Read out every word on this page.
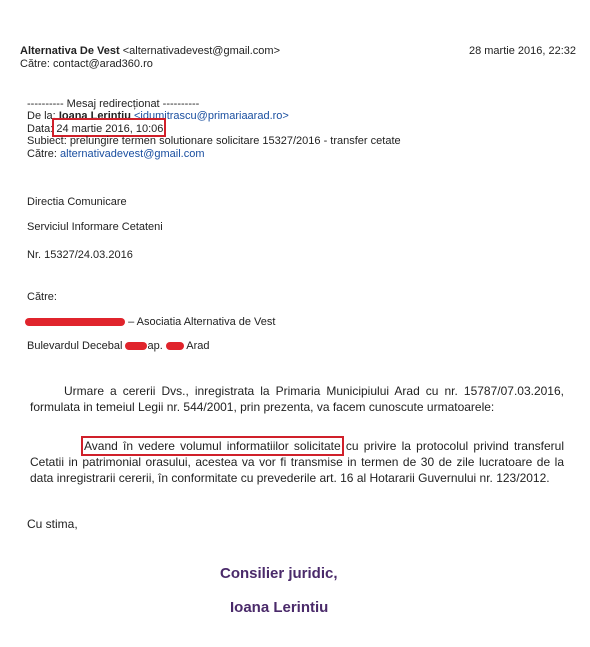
Alternativa De Vest <alternativadevest@gmail.com>	28 martie 2016, 22:32
Către: contact@arad360.ro
---------- Mesaj redirecționat ----------
De la: Ioana Lerintiu <idumitrascu@primariaarad.ro>
Data: 24 martie 2016, 10:06
Subiect: prelungire termen solutionare solicitare 15327/2016 - transfer cetate
Către: alternativadevest@gmail.com
Directia Comunicare
Serviciul Informare Cetateni
Nr. 15327/24.03.2016
Către:
– Asociatia Alternativa de Vest
Bulevardul Decebal ap. Arad
Urmare a cererii Dvs., inregistrata la Primaria Municipiului Arad cu nr. 15787/07.03.2016, formulata in temeiul Legii nr. 544/2001, prin prezenta, va facem cunoscute urmatoarele:
Avand în vedere volumul informatiilor solicitate cu privire la protocolul privind transferul Cetatii in patrimonial orasului, acestea va vor fi transmise in termen de 30 de zile lucratoare de la data inregistrarii cererii, în conformitate cu prevederile art. 16 al Hotararii Guvernului nr. 123/2012.
Cu stima,
Consilier juridic,
Ioana Lerintiu
